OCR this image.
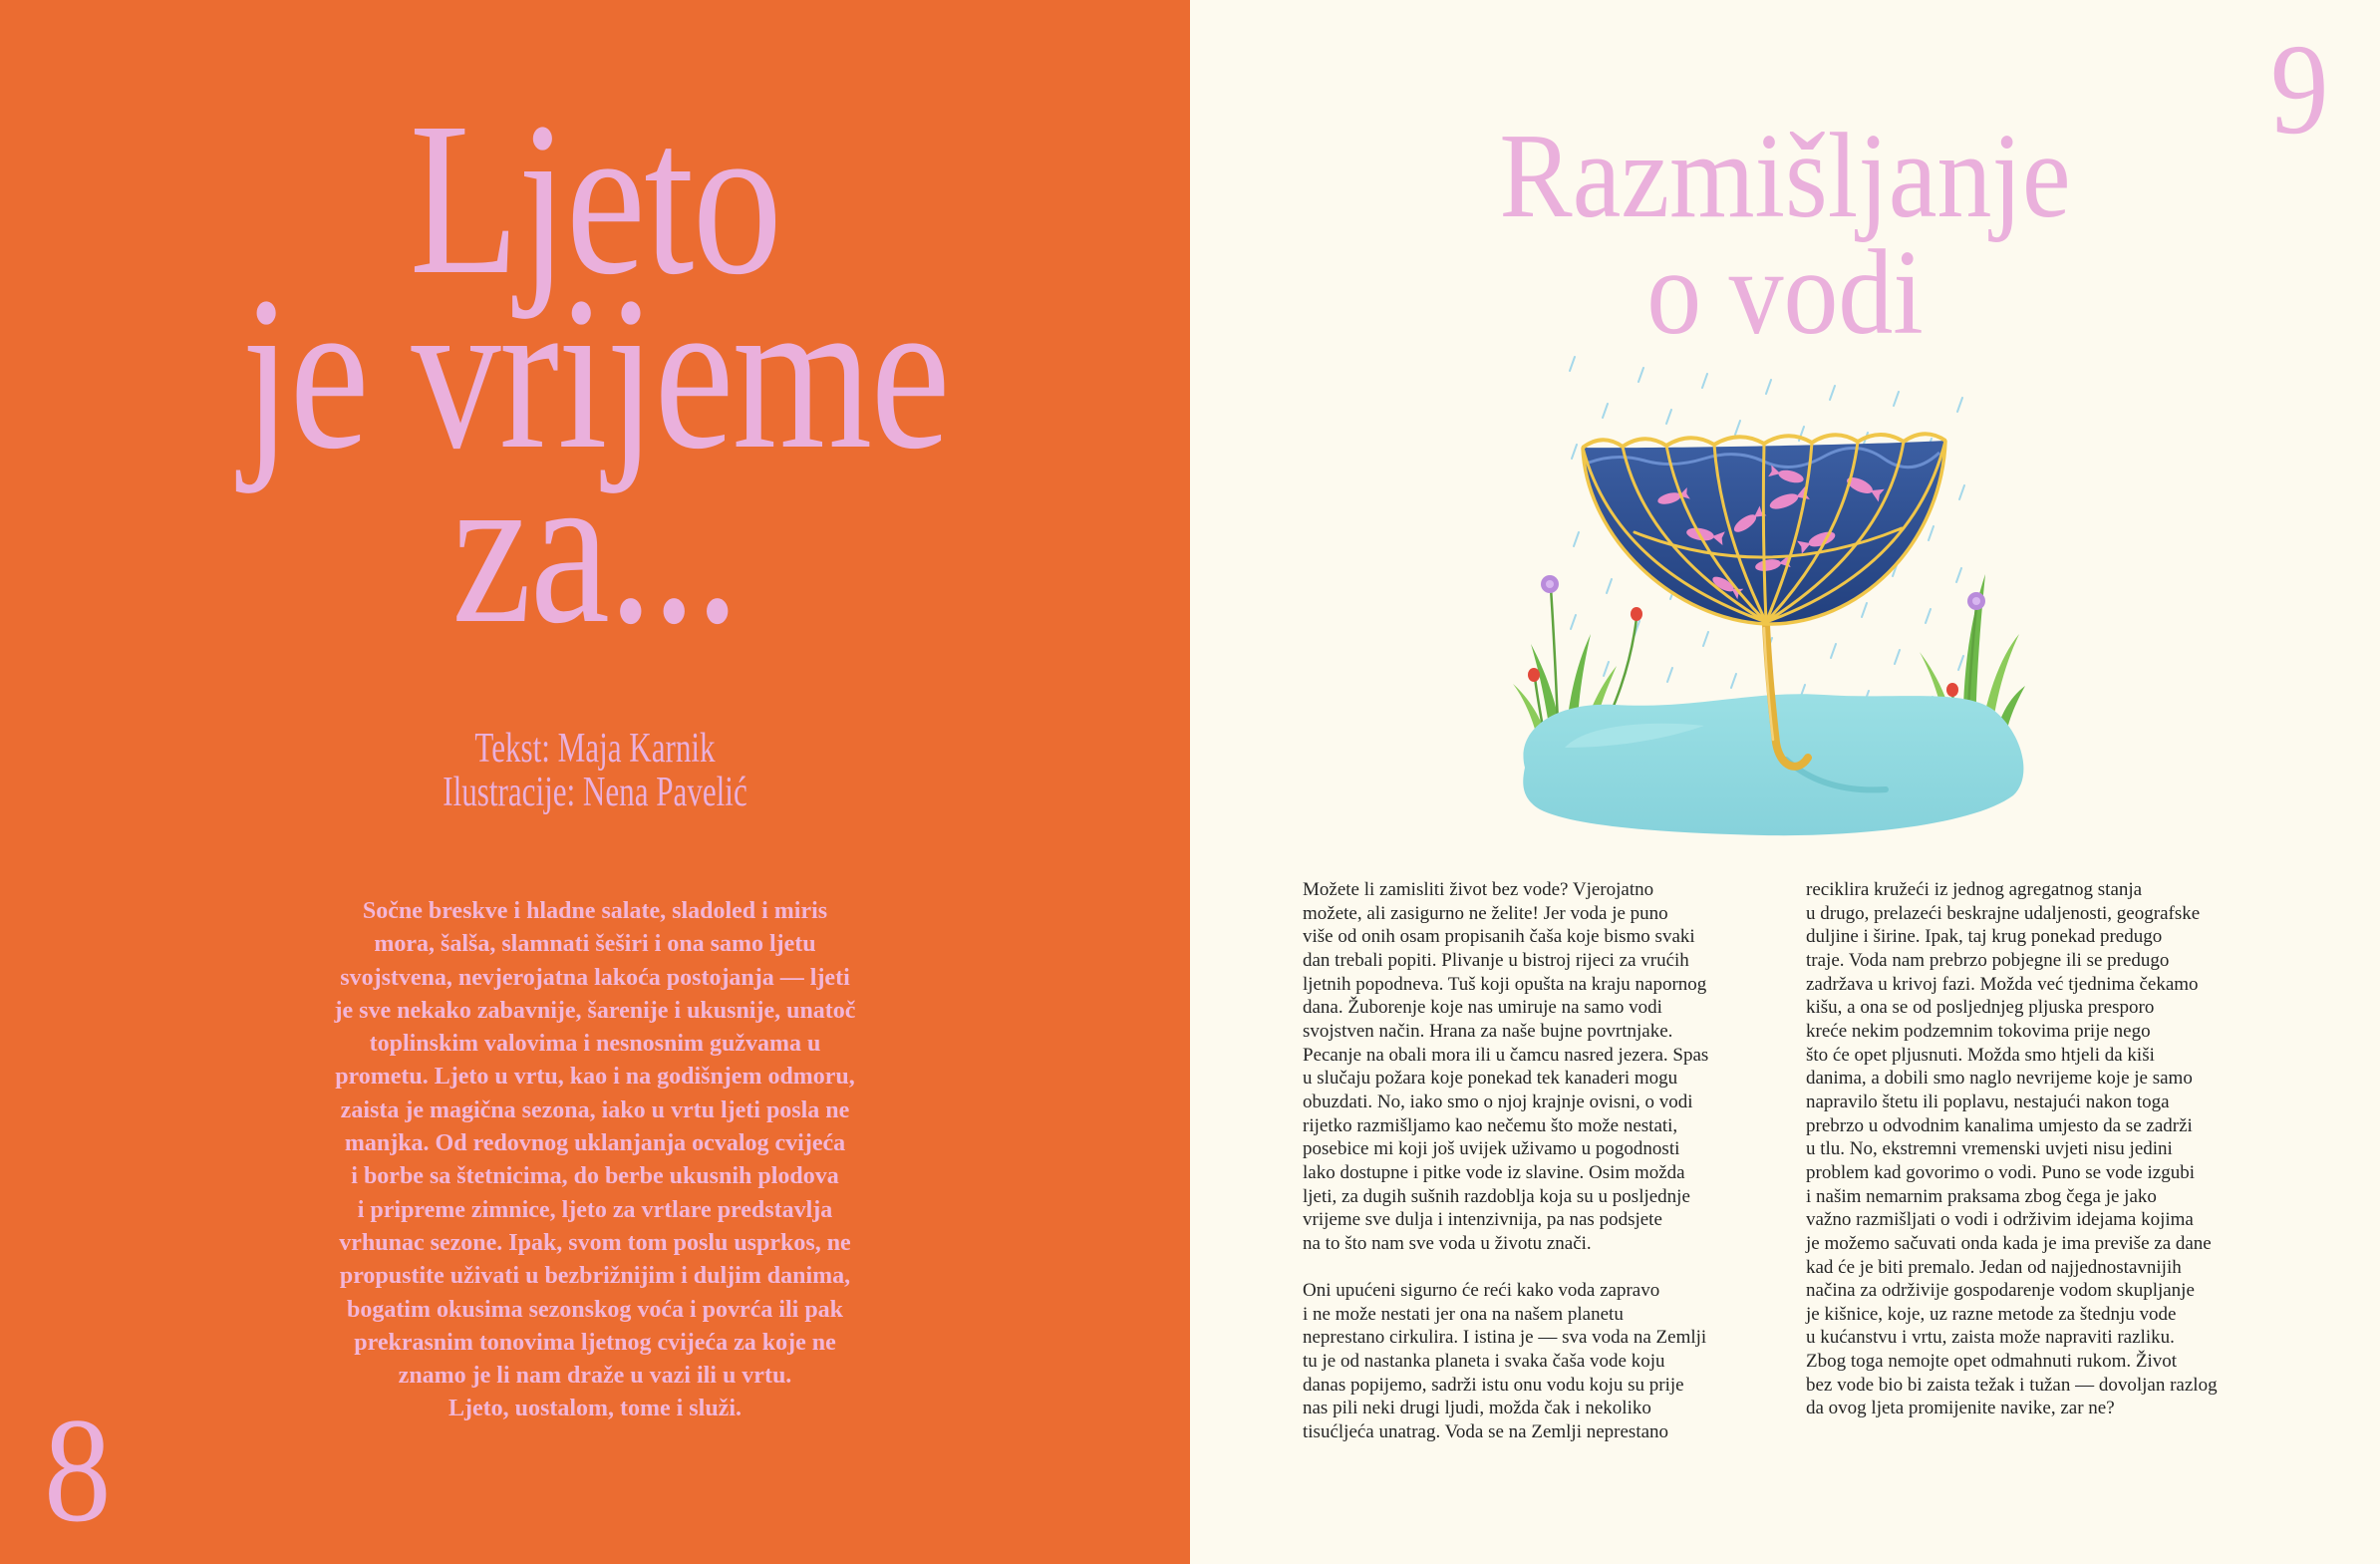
Ljeto
je vrijeme
za...
Tekst: Maja Karnik
Ilustracije: Nena Pavelić
Sočne breskve i hladne salate, sladoled i miris
mora, šalša, slamnati šeširi i ona samo ljetu
svojstvena, nevjerojatna lakoća postojanja — ljeti
je sve nekako zabavnije, šarenije i ukusnije, unatoč
toplinskim valovima i nesnosnim gužvama u
prometu. Ljeto u vrtu, kao i na godišnjem odmoru,
zaista je magična sezona, iako u vrtu ljeti posla ne
manjka. Od redovnog uklanjanja ocvalog cvijeća
i borbe sa štetnicima, do berbe ukusnih plodova
i pripreme zimnice, ljeto za vrtlare predstavlja
vrhunac sezone. Ipak, svom tom poslu usprkos, ne
propustite uživati u bezbrižnijim i duljim danima,
bogatim okusima sezonskog voća i povrća ili pak
prekrasnim tonovima ljetnog cvijeća za koje ne
znamo je li nam draže u vazi ili u vrtu.
Ljeto, uostalom, tome i služi.
8
9
Razmišljanje
o vodi
Možete li zamisliti život bez vode? Vjerojatno
možete, ali zasigurno ne želite! Jer voda je puno
više od onih osam propisanih čaša koje bismo svaki
dan trebali popiti. Plivanje u bistroj rijeci za vrućih
ljetnih popodneva. Tuš koji opušta na kraju napornog
dana. Žuborenje koje nas umiruje na samo vodi
svojstven način. Hrana za naše bujne povrtnjake.
Pecanje na obali mora ili u čamcu nasred jezera. Spas
u slučaju požara koje ponekad tek kanaderi mogu
obuzdati. No, iako smo o njoj krajnje ovisni, o vodi
rijetko razmišljamo kao nečemu što može nestati,
posebice mi koji još uvijek uživamo u pogodnosti
lako dostupne i pitke vode iz slavine. Osim možda
ljeti, za dugih sušnih razdoblja koja su u posljednje
vrijeme sve dulja i intenzivnija, pa nas podsjete
na to što nam sve voda u životu znači.
Oni upućeni sigurno će reći kako voda zapravo
i ne može nestati jer ona na našem planetu
neprestano cirkulira. I istina je — sva voda na Zemlji
tu je od nastanka planeta i svaka čaša vode koju
danas popijemo, sadrži istu onu vodu koju su prije
nas pili neki drugi ljudi, možda čak i nekoliko
tisućljeća unatrag. Voda se na Zemlji neprestano
reciklira kružeći iz jednog agregatnog stanja
u drugo, prelazeći beskrajne udaljenosti, geografske
duljine i širine. Ipak, taj krug ponekad predugo
traje. Voda nam prebrzo pobjegne ili se predugo
zadržava u krivoj fazi. Možda već tjednima čekamo
kišu, a ona se od posljednjeg pljuska presporo
kreće nekim podzemnim tokovima prije nego
što će opet pljusnuti. Možda smo htjeli da kiši
danima, a dobili smo naglo nevrijeme koje je samo
napravilo štetu ili poplavu, nestajući nakon toga
prebrzo u odvodnim kanalima umjesto da se zadrži
u tlu. No, ekstremni vremenski uvjeti nisu jedini
problem kad govorimo o vodi. Puno se vode izgubi
i našim nemarnim praksama zbog čega je jako
važno razmišljati o vodi i održivim idejama kojima
je možemo sačuvati onda kada je ima previše za dane
kad će je biti premalo. Jedan od najjednostavnijih
načina za održivije gospodarenje vodom skupljanje
je kišnice, koje, uz razne metode za štednju vode
u kućanstvu i vrtu, zaista može napraviti razliku.
Zbog toga nemojte opet odmahnuti rukom. Život
bez vode bio bi zaista težak i tužan — dovoljan razlog
da ovog ljeta promijenite navike, zar ne?
